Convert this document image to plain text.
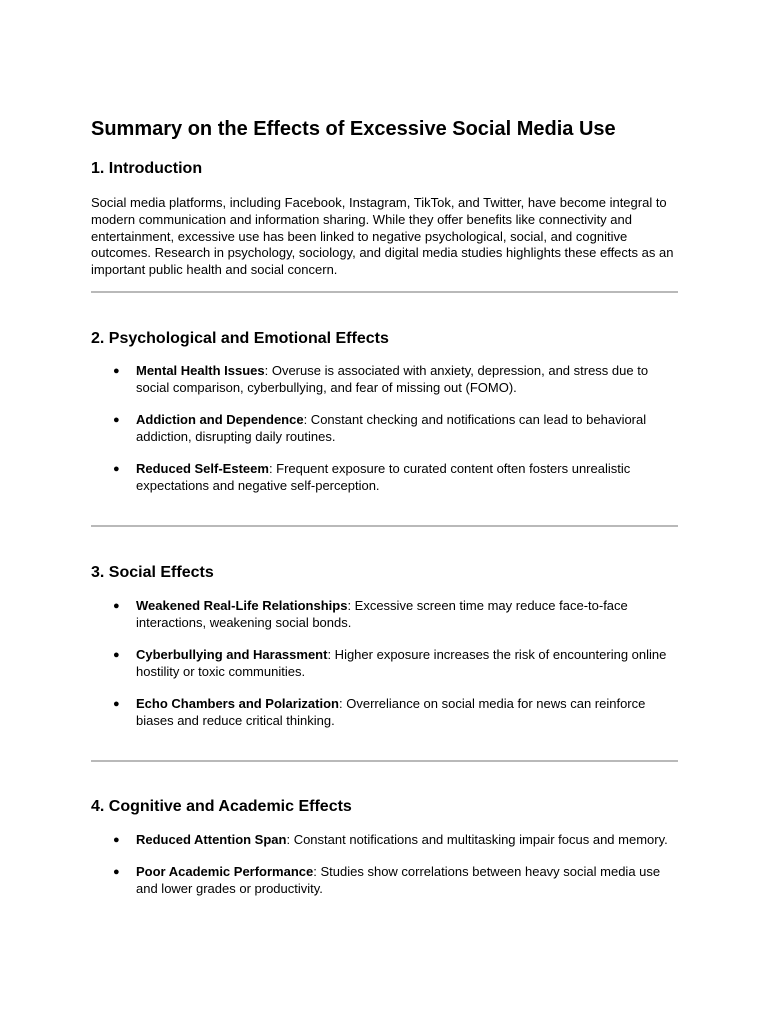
Summary on the Effects of Excessive Social Media Use
1. Introduction

Social media platforms, including Facebook, Instagram, TikTok, and Twitter, have become integral to modern communication and information sharing. While they offer benefits like connectivity and entertainment, excessive use has been linked to negative psychological, social, and cognitive outcomes. Research in psychology, sociology, and digital media studies highlights these effects as an important public health and social concern.

2. Psychological and Emotional Effects
● Mental Health Issues: Overuse is associated with anxiety, depression, and stress due to social comparison, cyberbullying, and fear of missing out (FOMO).
● Addiction and Dependence: Constant checking and notifications can lead to behavioral addiction, disrupting daily routines.
● Reduced Self-Esteem: Frequent exposure to curated content often fosters unrealistic expectations and negative self-perception.
3. Social Effects
● Weakened Real-Life Relationships: Excessive screen time may reduce face-to-face interactions, weakening social bonds.
● Cyberbullying and Harassment: Higher exposure increases the risk of encountering online hostility or toxic communities.
● Echo Chambers and Polarization: Overreliance on social media for news can reinforce biases and reduce critical thinking.
4. Cognitive and Academic Effects
● Reduced Attention Span: Constant notifications and multitasking impair focus and memory.
● Poor Academic Performance: Studies show correlations between heavy social media use and lower grades or productivity.
